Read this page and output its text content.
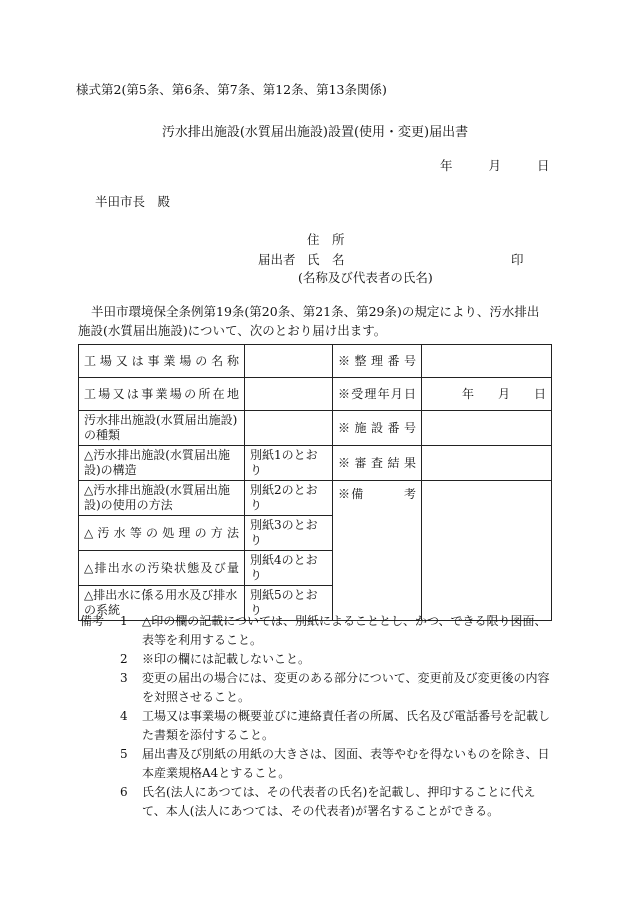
様式第2(第5条、第6条、第7条、第12条、第13条関係)
汚水排出施設(水質届出施設)設置(使用・変更)届出書
年	月	日
半田市長　殿
住　所
届出者 氏　名	印
(名称及び代表者の氏名)
半田市環境保全条例第19条(第20条、第21条、第29条)の規定により、汚水排出施設(水質届出施設)について、次のとおり届け出ます。
工場又は事業場の名称		※整理番号	
工場又は事業場の所在地		※受理年月日	年　　月　　日
汚水排出施設(水質届出施設)の種類		※施設番号	
△汚水排出施設(水質届出施設)の構造	別紙1のとおり	※審査結果	
△汚水排出施設(水質届出施設)の使用の方法	別紙2のとおり	※備　　　考	
△汚水等の処理の方法	別紙3のとおり		
△排出水の汚染状態及び量	別紙4のとおり		
△排出水に係る用水及び排水の系統	別紙5のとおり		
備考	1	△印の欄の記載については、別紙によることとし、かつ、できる限り図面、表等を利用すること。
2	※印の欄には記載しないこと。
3	変更の届出の場合には、変更のある部分について、変更前及び変更後の内容を対照させること。
4	工場又は事業場の概要並びに連絡責任者の所属、氏名及び電話番号を記載した書類を添付すること。
5	届出書及び別紙の用紙の大きさは、図面、表等やむを得ないものを除き、日本産業規格A4とすること。
6	氏名(法人にあつては、その代表者の氏名)を記載し、押印することに代えて、本人(法人にあつては、その代表者)が署名することができる。
